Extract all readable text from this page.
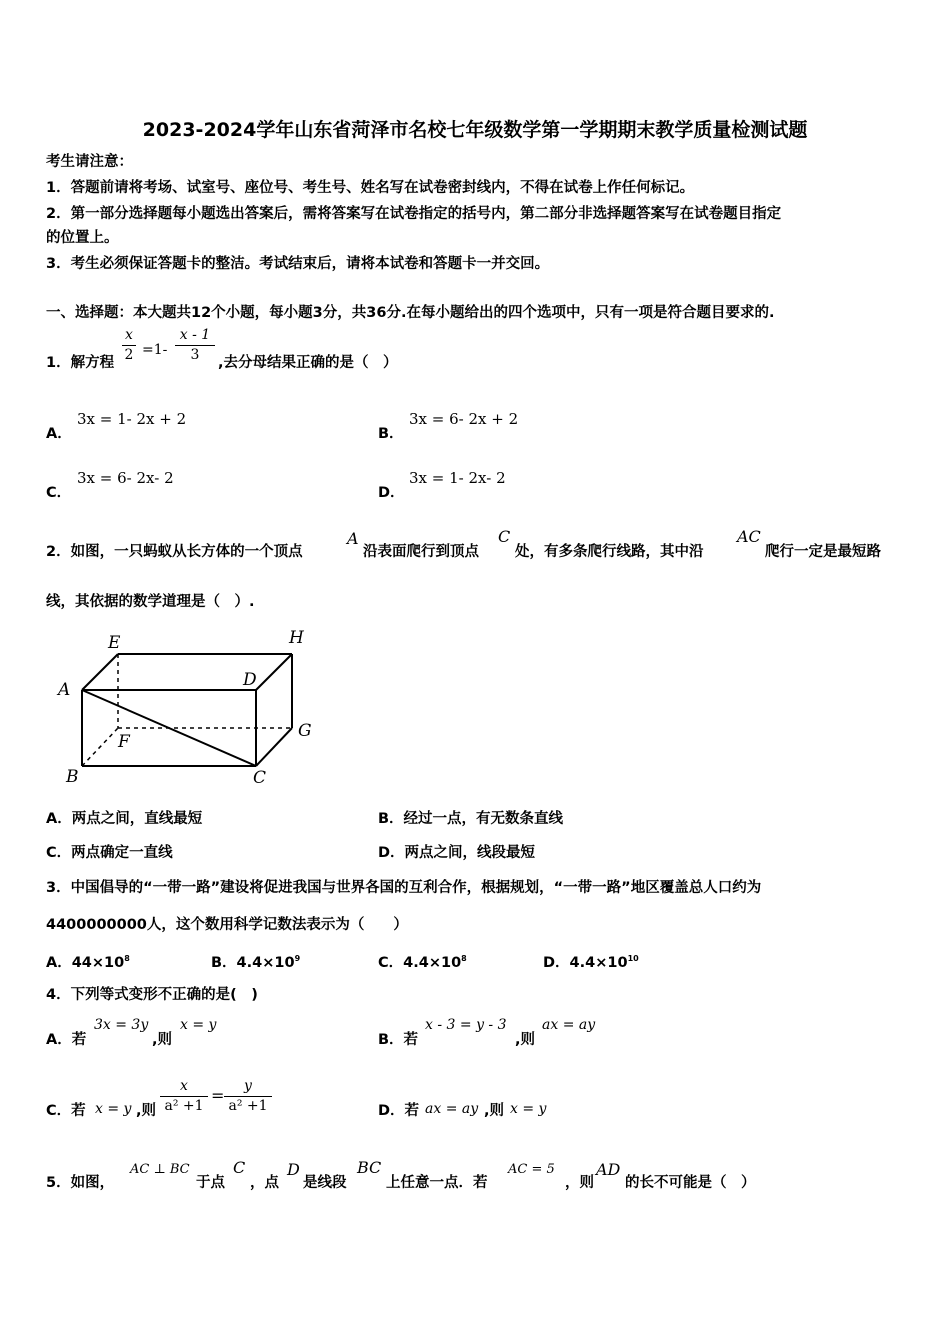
2023-2024学年山东省菏泽市名校七年级数学第一学期期末教学质量检测试题
考生请注意：
1．答题前请将考场、试室号、座位号、考生号、姓名写在试卷密封线内，不得在试卷上作任何标记。
2．第一部分选择题每小题选出答案后，需将答案写在试卷指定的括号内，第二部分非选择题答案写在试卷题目指定
的位置上。
3．考生必须保证答题卡的整洁。考试结束后，请将本试卷和答题卡一并交回。
一、选择题：本大题共12个小题，每小题3分，共36分.在每小题给出的四个选项中，只有一项是符合题目要求的.
1．解方程
x
2 =1-
x - 1
3	,去分母结果正确的是（　）
A．
3x = 1- 2x + 2
B．
3x = 6- 2x + 2
C．
3x = 6- 2x- 2
D．
3x = 1- 2x- 2
2．如图，一只蚂蚁从长方体的一个顶点
A
沿表面爬行到顶点
C
处，有多条爬行线路，其中沿
AC
爬行一定是最短路
线，其依据的数学道理是（　）.
A
B	C
D
E
F
G
H
A．两点之间，直线最短	B．经过一点，有无数条直线
C．两点确定一直线	D．两点之间，线段最短
3．中国倡导的“一带一路”建设将促进我国与世界各国的互利合作，根据规划，“一带一路”地区覆盖总人口约为
4400000000人，这个数用科学记数法表示为（　　）
A．$44\times 10^8$	B．$4.4\times 10^9$	C．$4.4\times 10^8$	D．$4.4\times 10^{10}$
4．下列等式变形不正确的是(　)
A．若
3x = 3y
,则
x = y
B．若
x - 3 = y - 3
,则
ax = ay
C．若 x = y ,则
x
a² +1
=	y
a² +1	D．若 ax = ay ,则 x = y
5．如图，
AC ⊥ BC
于点
C
，点
D
是线段
BC
上任意一点．若
AC = 5
，则
AD
的长不可能是（　）
